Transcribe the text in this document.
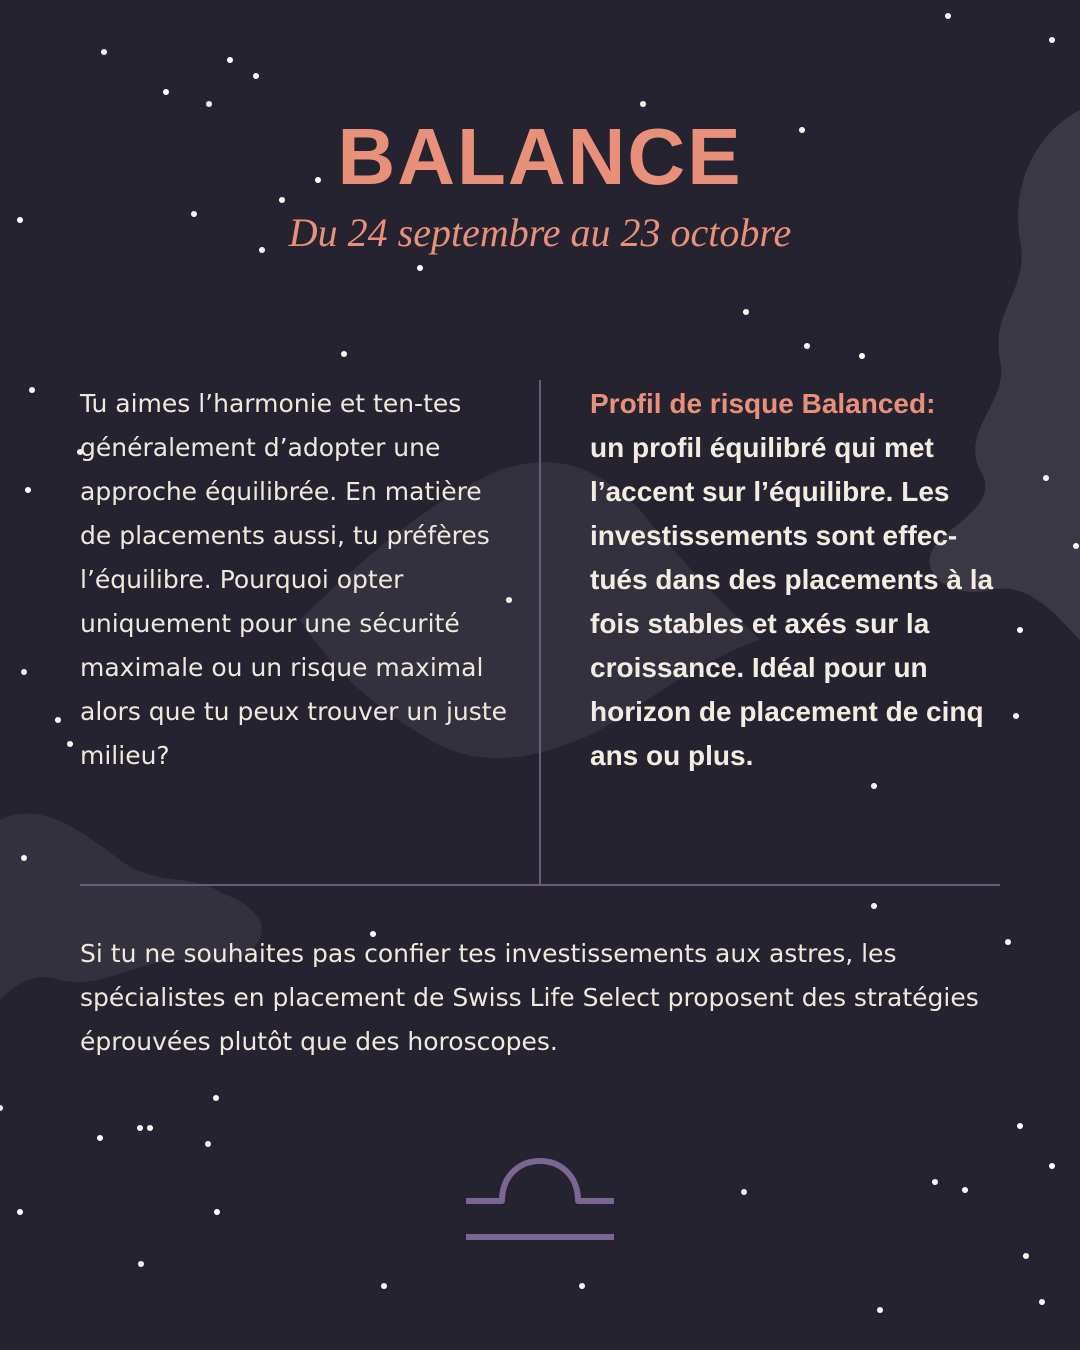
BALANCE
Du 24 septembre au 23 octobre

Tu aimes l’harmonie et ten-tes généralement d’adopter une approche équilibrée. En matière de placements aussi, tu préfères l’équilibre. Pourquoi opter uniquement pour une sécurité maximale ou un risque maximal alors que tu peux trouver un juste milieu?

Profil de risque Balanced:
un profil équilibré qui met l’accent sur l’équilibre. Les investissements sont effec-tués dans des placements à la fois stables et axés sur la croissance. Idéal pour un horizon de placement de cinq ans ou plus.

Si tu ne souhaites pas confier tes investissements aux astres, les spécialistes en placement de Swiss Life Select proposent des stratégies éprouvées plutôt que des horoscopes.
